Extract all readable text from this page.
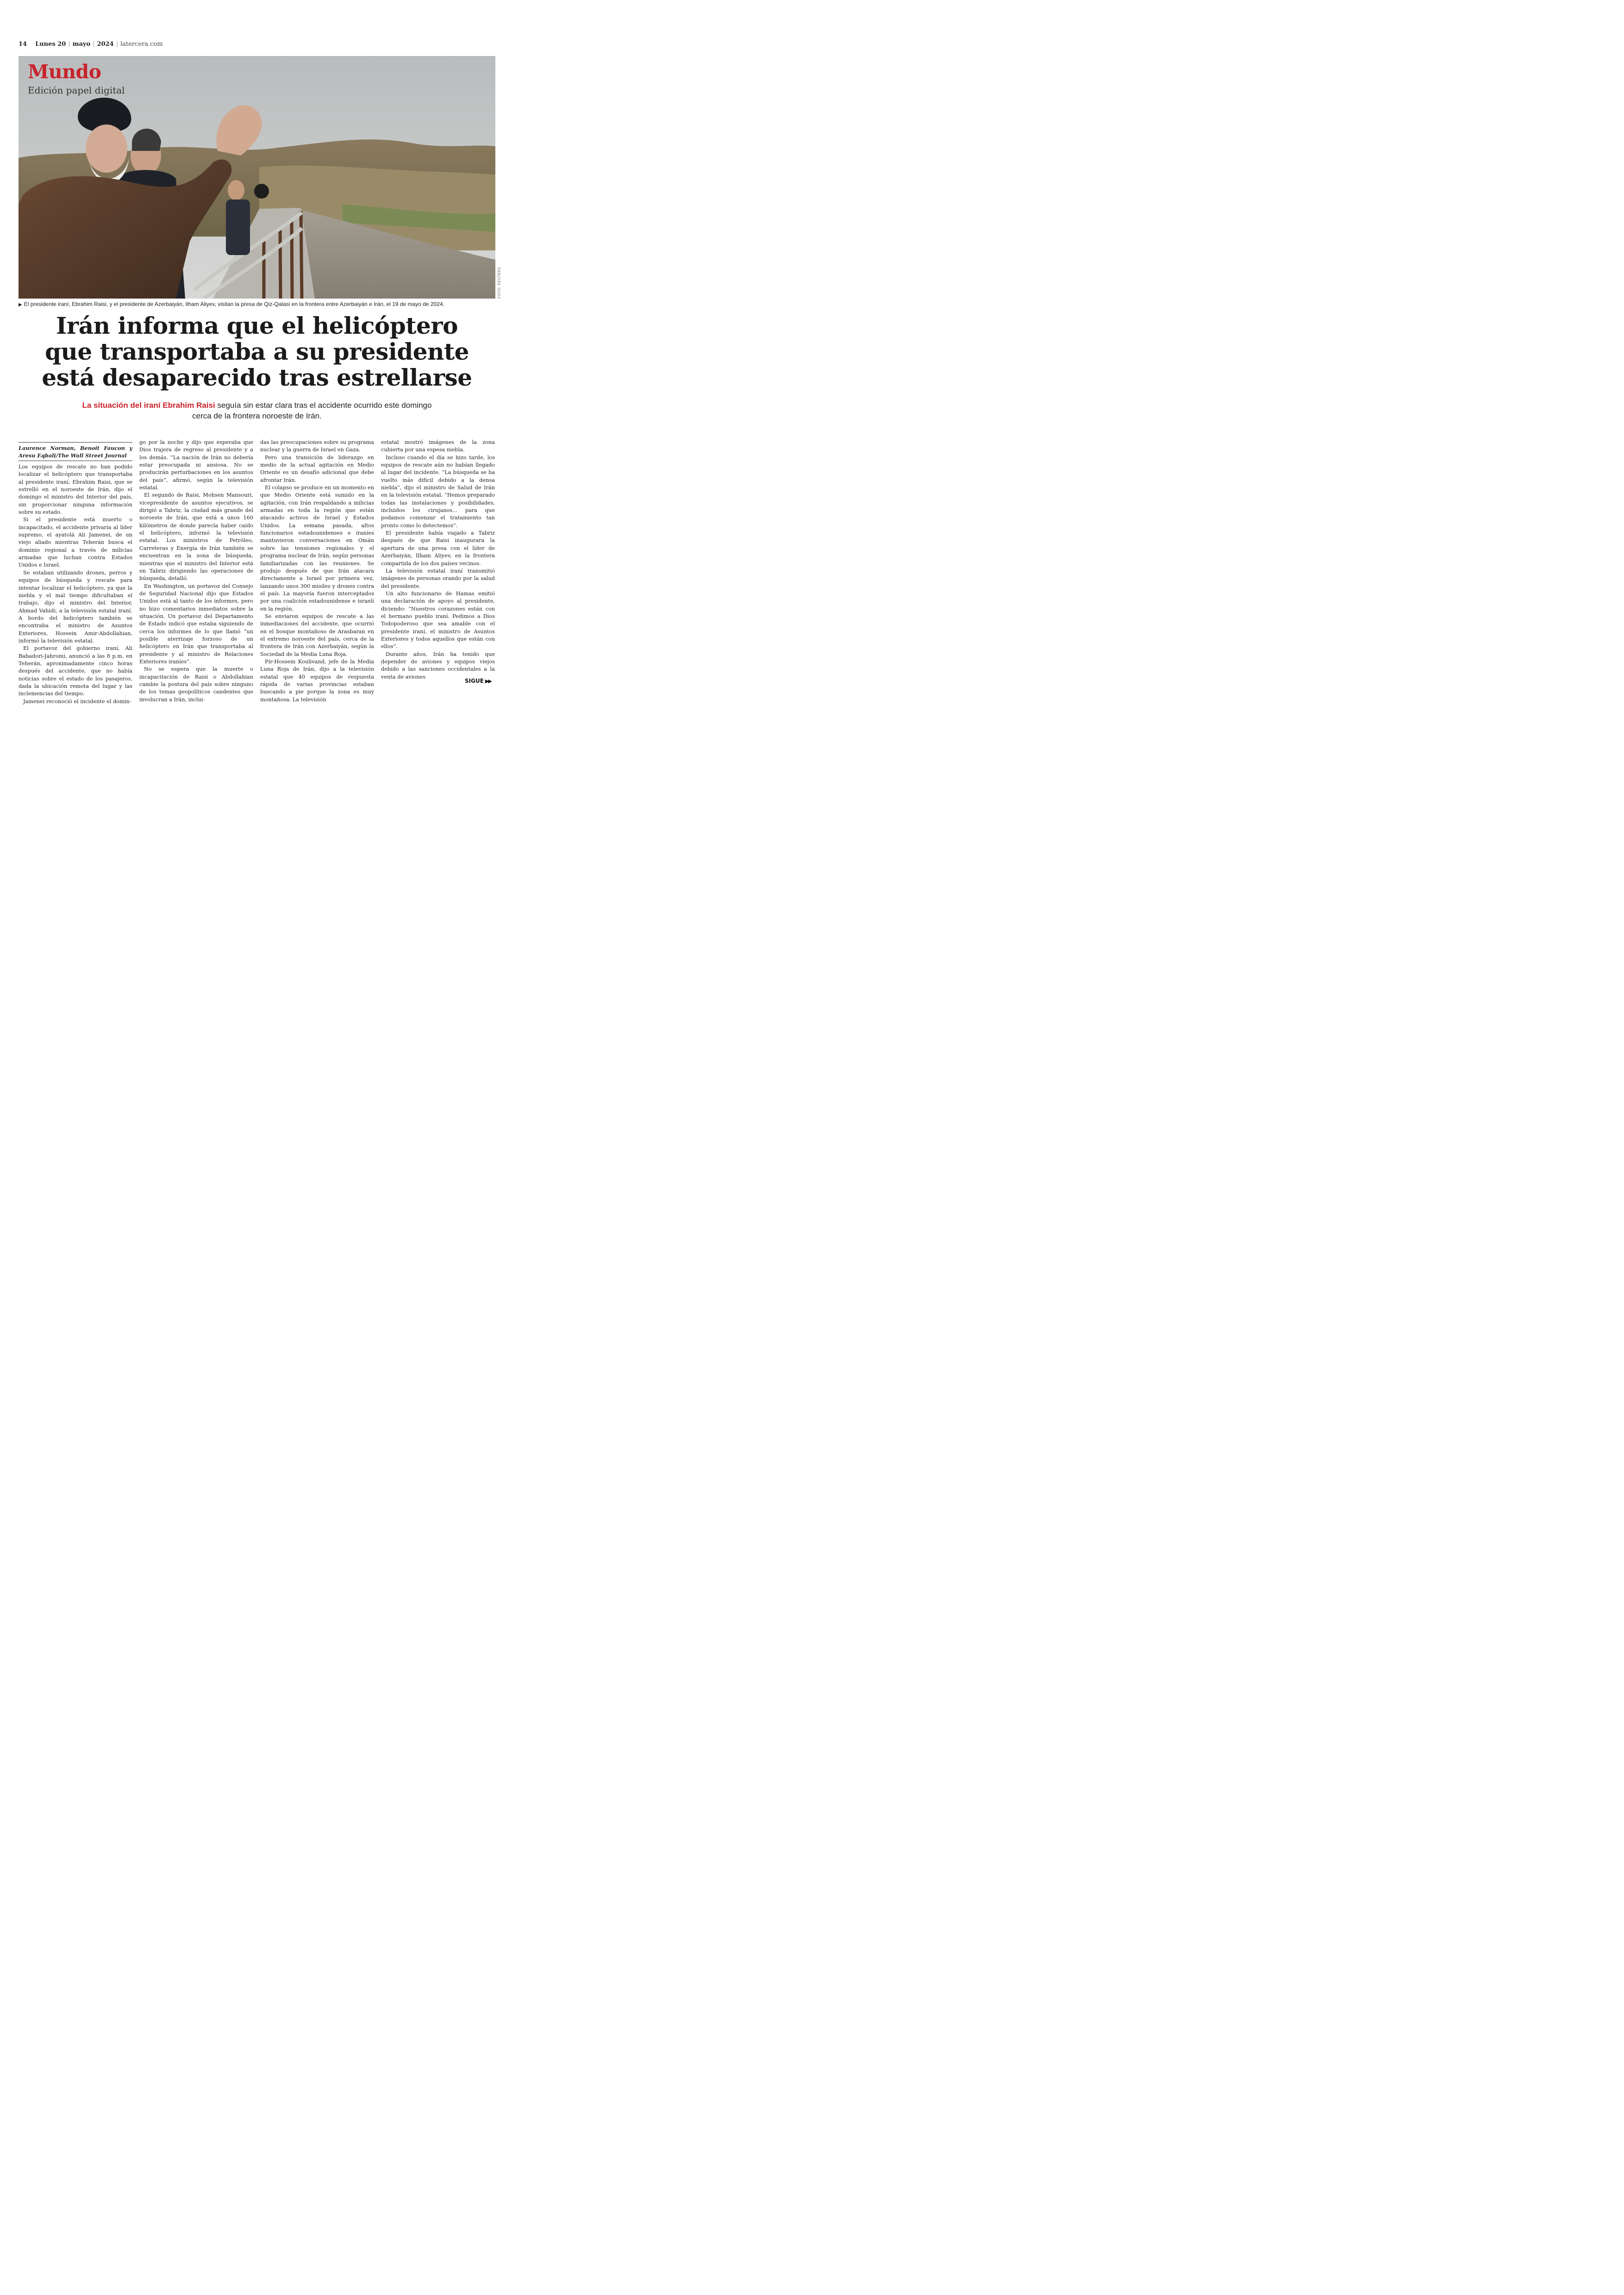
14 Lunes 20 | mayo | 2024 | latercera.com
Mundo
Edición papel digital
FOTO: REUTERS
▶ El presidente iraní, Ebrahim Raisi, y el presidente de Azerbaiyán, Ilham Aliyev, visitan la presa de Qiz-Qalasi en la frontera entre Azerbaiyán e Irán, el 19 de mayo de 2024.
Irán informa que el helicóptero
que transportaba a su presidente
está desaparecido tras estrellarse
La situación del iraní Ebrahim Raisi seguía sin estar clara tras el accidente ocurrido este domingo cerca de la frontera noroeste de Irán.
Laurence Norman, Benoit Faucon y Aresu Eqbali/The Wall Street Journal

Los equipos de rescate no han podido localizar el helicóptero que transportaba al presidente iraní, Ebrahim Raisi, que se estrelló en el noroeste de Irán, dijo el domingo el ministro del Interior del país, sin proporcionar ninguna información sobre su estado.

Si el presidente está muerto o incapacitado, el accidente privaría al líder supremo, el ayatolá Ali Jamenei, de un viejo aliado mientras Teherán busca el dominio regional a través de milicias armadas que luchan contra Estados Unidos e Israel.

Se estaban utilizando drones, perros y equipos de búsqueda y rescate para intentar localizar el helicóptero, ya que la niebla y el mal tiempo dificultaban el trabajo, dijo el ministro del Interior, Ahmad Vahidi, a la televisión estatal iraní. A bordo del helicóptero también se encontraba el ministro de Asuntos Exteriores, Hossein Amir-Abdollahian, informó la televisión estatal.

El portavoz del gobierno iraní, Ali Bahadori-Jahromi, anunció a las 8 p.m. en Teherán, aproximadamente cinco horas después del accidente, que no había noticias sobre el estado de los pasajeros, dada la ubicación remota del lugar y las inclemencias del tiempo.

Jamenei reconoció el incidente el domin-

go por la noche y dijo que esperaba que Dios trajera de regreso al presidente y a los demás. “La nación de Irán no debería estar preocupada ni ansiosa. No se producirán perturbaciones en los asuntos del país”, afirmó, según la televisión estatal.

El segundo de Raisi, Mohsen Mansouri, vicepresidente de asuntos ejecutivos, se dirigió a Tabriz, la ciudad más grande del noroeste de Irán, que está a unos 160 kilómetros de donde parecía haber caído el helicóptero, informó la televisión estatal. Los ministros de Petróleo, Carreteras y Energía de Irán también se encuentran en la zona de búsqueda, mientras que el ministro del Interior está en Tabriz dirigiendo las operaciones de búsqueda, detalló.

En Washington, un portavoz del Consejo de Seguridad Nacional dijo que Estados Unidos está al tanto de los informes, pero no hizo comentarios inmediatos sobre la situación. Un portavoz del Departamento de Estado indicó que estaba siguiendo de cerca los informes de lo que llamó “un posible aterrizaje forzoso de un helicóptero en Irán que transportaba al presidente y al ministro de Relaciones Exteriores iraníes”.

No se espera que la muerte o incapacitación de Raisi o Abdollahian cambie la postura del país sobre ninguno de los temas geopolíticos candentes que involucran a Irán, inclui-

das las preocupaciones sobre su programa nuclear y la guerra de Israel en Gaza.

Pero una transición de liderazgo en medio de la actual agitación en Medio Oriente es un desafío adicional que debe afrontar Irán.

El colapso se produce en un momento en que Medio Oriente está sumido en la agitación, con Irán respaldando a milicias armadas en toda la región que están atacando activos de Israel y Estados Unidos. La semana pasada, altos funcionarios estadounidenses e iraníes mantuvieron conversaciones en Omán sobre las tensiones regionales y el programa nuclear de Irán, según personas familiarizadas con las reuniones. Se produjo después de que Irán atacara directamente a Israel por primera vez, lanzando unos 300 misiles y drones contra el país. La mayoría fueron interceptados por una coalición estadounidense e israelí en la región.

Se enviaron equipos de rescate a las inmediaciones del accidente, que ocurrió en el bosque montañoso de Arasbaran en el extremo noroeste del país, cerca de la frontera de Irán con Azerbaiyán, según la Sociedad de la Media Luna Roja.

Pir-Hossein Koulivand, jefe de la Media Luna Roja de Irán, dijo a la televisión estatal que 40 equipos de respuesta rápida de varias provincias estaban buscando a pie porque la zona es muy montañosa. La televisión

estatal mostró imágenes de la zona cubierta por una espesa niebla.

Incluso cuando el día se hizo tarde, los equipos de rescate aún no habían llegado al lugar del incidente. “La búsqueda se ha vuelto más difícil debido a la densa niebla”, dijo el ministro de Salud de Irán en la televisión estatal. “Hemos preparado todas las instalaciones y posibilidades, incluidos los cirujanos... para que podamos comenzar el tratamiento tan pronto como lo detectemos”.

El presidente había viajado a Tabriz después de que Raisi inaugurara la apertura de una presa con el líder de Azerbaiyán, Ilham Aliyev, en la frontera compartida de los dos países vecinos.

La televisión estatal iraní transmitió imágenes de personas orando por la salud del presidente.

Un alto funcionario de Hamas emitió una declaración de apoyo al presidente, diciendo: “Nuestros corazones están con el hermano pueblo iraní. Pedimos a Dios Todopoderoso que sea amable con el presidente iraní, el ministro de Asuntos Exteriores y todos aquellos que están con ellos”.

Durante años, Irán ha tenido que depender de aviones y equipos viejos debido a las sanciones occidentales a la venta de aviones

SIGUE ▶▶
